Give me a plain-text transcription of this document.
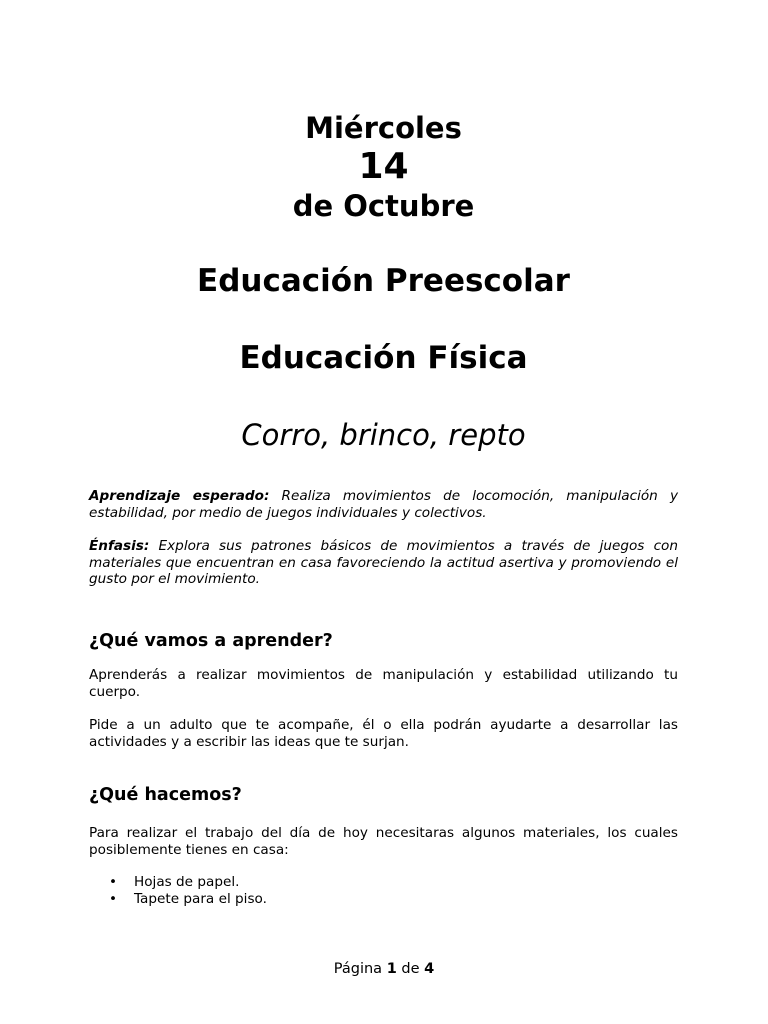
Miércoles
14
de Octubre
Educación Preescolar
Educación Física
Corro, brinco, repto

Aprendizaje esperado: Realiza movimientos de locomoción, manipulación y estabilidad, por medio de juegos individuales y colectivos.

Énfasis: Explora sus patrones básicos de movimientos a través de juegos con materiales que encuentran en casa favoreciendo la actitud asertiva y promoviendo el gusto por el movimiento.

¿Qué vamos a aprender?

Aprenderás a realizar movimientos de manipulación y estabilidad utilizando tu cuerpo.

Pide a un adulto que te acompañe, él o ella podrán ayudarte a desarrollar las actividades y a escribir las ideas que te surjan.

¿Qué hacemos?

Para realizar el trabajo del día de hoy necesitaras algunos materiales, los cuales posiblemente tienes en casa:

• Hojas de papel.
• Tapete para el piso.
Página 1 de 4
